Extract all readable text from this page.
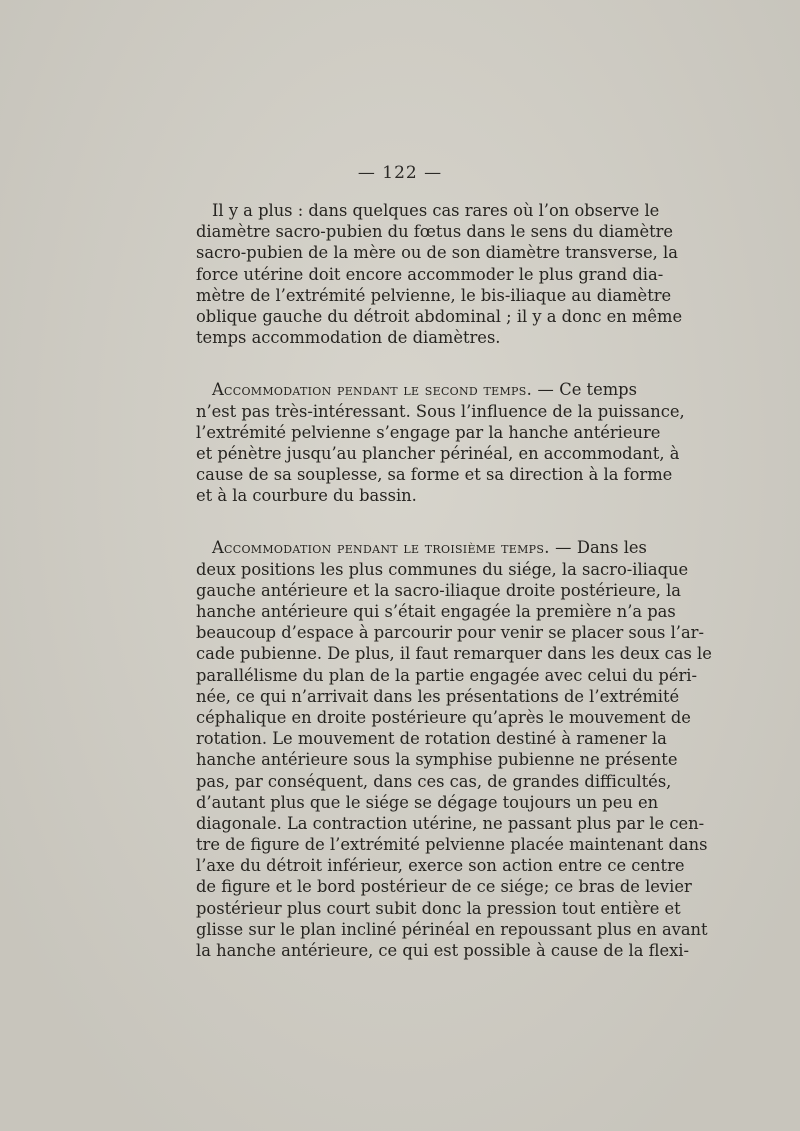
— 122 —
Il y a plus : dans quelques cas rares où l’on observe le
diamètre sacro-pubien du fœtus dans le sens du diamètre
sacro-pubien de la mère ou de son diamètre transverse, la
force utérine doit encore accommoder le plus grand dia-
mètre de l’extrémité pelvienne, le bis-iliaque au diamètre
oblique gauche du détroit abdominal ; il y a donc en même
temps accommodation de diamètres.
Accommodation pendant le second temps. — Ce temps
n’est pas très-intéressant. Sous l’influence de la puissance,
l’extrémité pelvienne s’engage par la hanche antérieure
et pénètre jusqu’au plancher périnéal, en accommodant, à
cause de sa souplesse, sa forme et sa direction à la forme
et à la courbure du bassin.
Accommodation pendant le troisième temps. — Dans les
deux positions les plus communes du siége, la sacro-iliaque
gauche antérieure et la sacro-iliaque droite postérieure, la
hanche antérieure qui s’était engagée la première n’a pas
beaucoup d’espace à parcourir pour venir se placer sous l’ar-
cade pubienne. De plus, il faut remarquer dans les deux cas le
parallélisme du plan de la partie engagée avec celui du péri-
née, ce qui n’arrivait dans les présentations de l’extrémité
céphalique en droite postérieure qu’après le mouvement de
rotation. Le mouvement de rotation destiné à ramener la
hanche antérieure sous la symphise pubienne ne présente
pas, par conséquent, dans ces cas, de grandes difficultés,
d’autant plus que le siége se dégage toujours un peu en
diagonale. La contraction utérine, ne passant plus par le cen-
tre de figure de l’extrémité pelvienne placée maintenant dans
l’axe du détroit inférieur, exerce son action entre ce centre
de figure et le bord postérieur de ce siége; ce bras de levier
postérieur plus court subit donc la pression tout entière et
glisse sur le plan incliné périnéal en repoussant plus en avant
la hanche antérieure, ce qui est possible à cause de la flexi-
